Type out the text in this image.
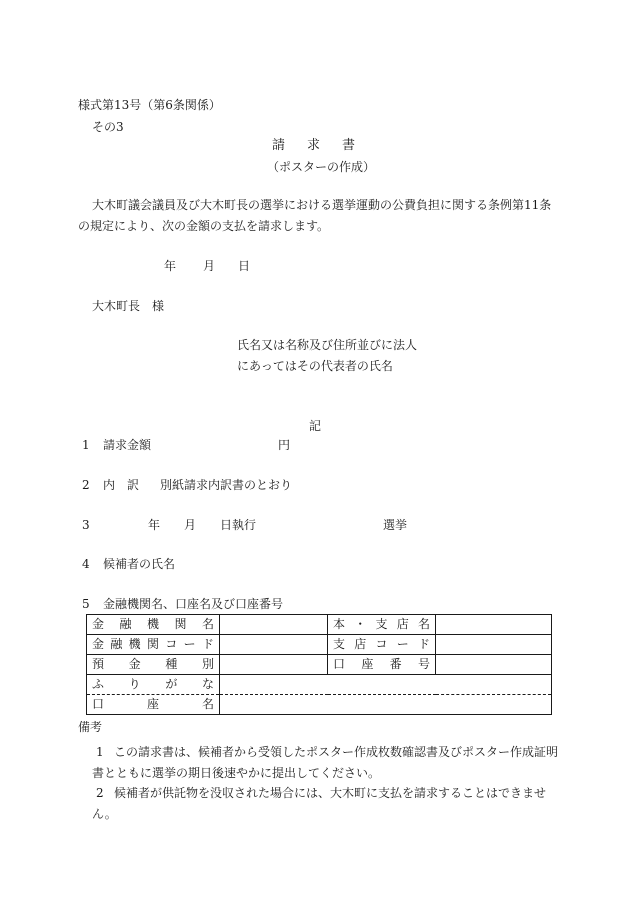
様式第13号（第6条関係）
その3
請求書
（ポスターの作成）
大木町議会議員及び大木町長の選挙における選挙運動の公費負担に関する条例第11条の規定により、次の金額の支払を請求します。
年 月 日
大木町長　様
氏名又は名称及び住所並びに法人
にあってはその代表者の氏名
記
1 請求金額	円
2 内　訳 別紙請求内訳書のとおり
3	年 月 日執行	選挙
4 候補者の氏名
5 金融機関名、口座名及び口座番号
金融機関名		本・支店名	

金融機関コード		支店コード	

預金種別		口座番号	

ふりがな			

口座名			

備考
1 この請求書は、候補者から受領したポスター作成枚数確認書及びポスター作成証明書とともに選挙の期日後速やかに提出してください。
2 候補者が供託物を没収された場合には、大木町に支払を請求することはできません。
